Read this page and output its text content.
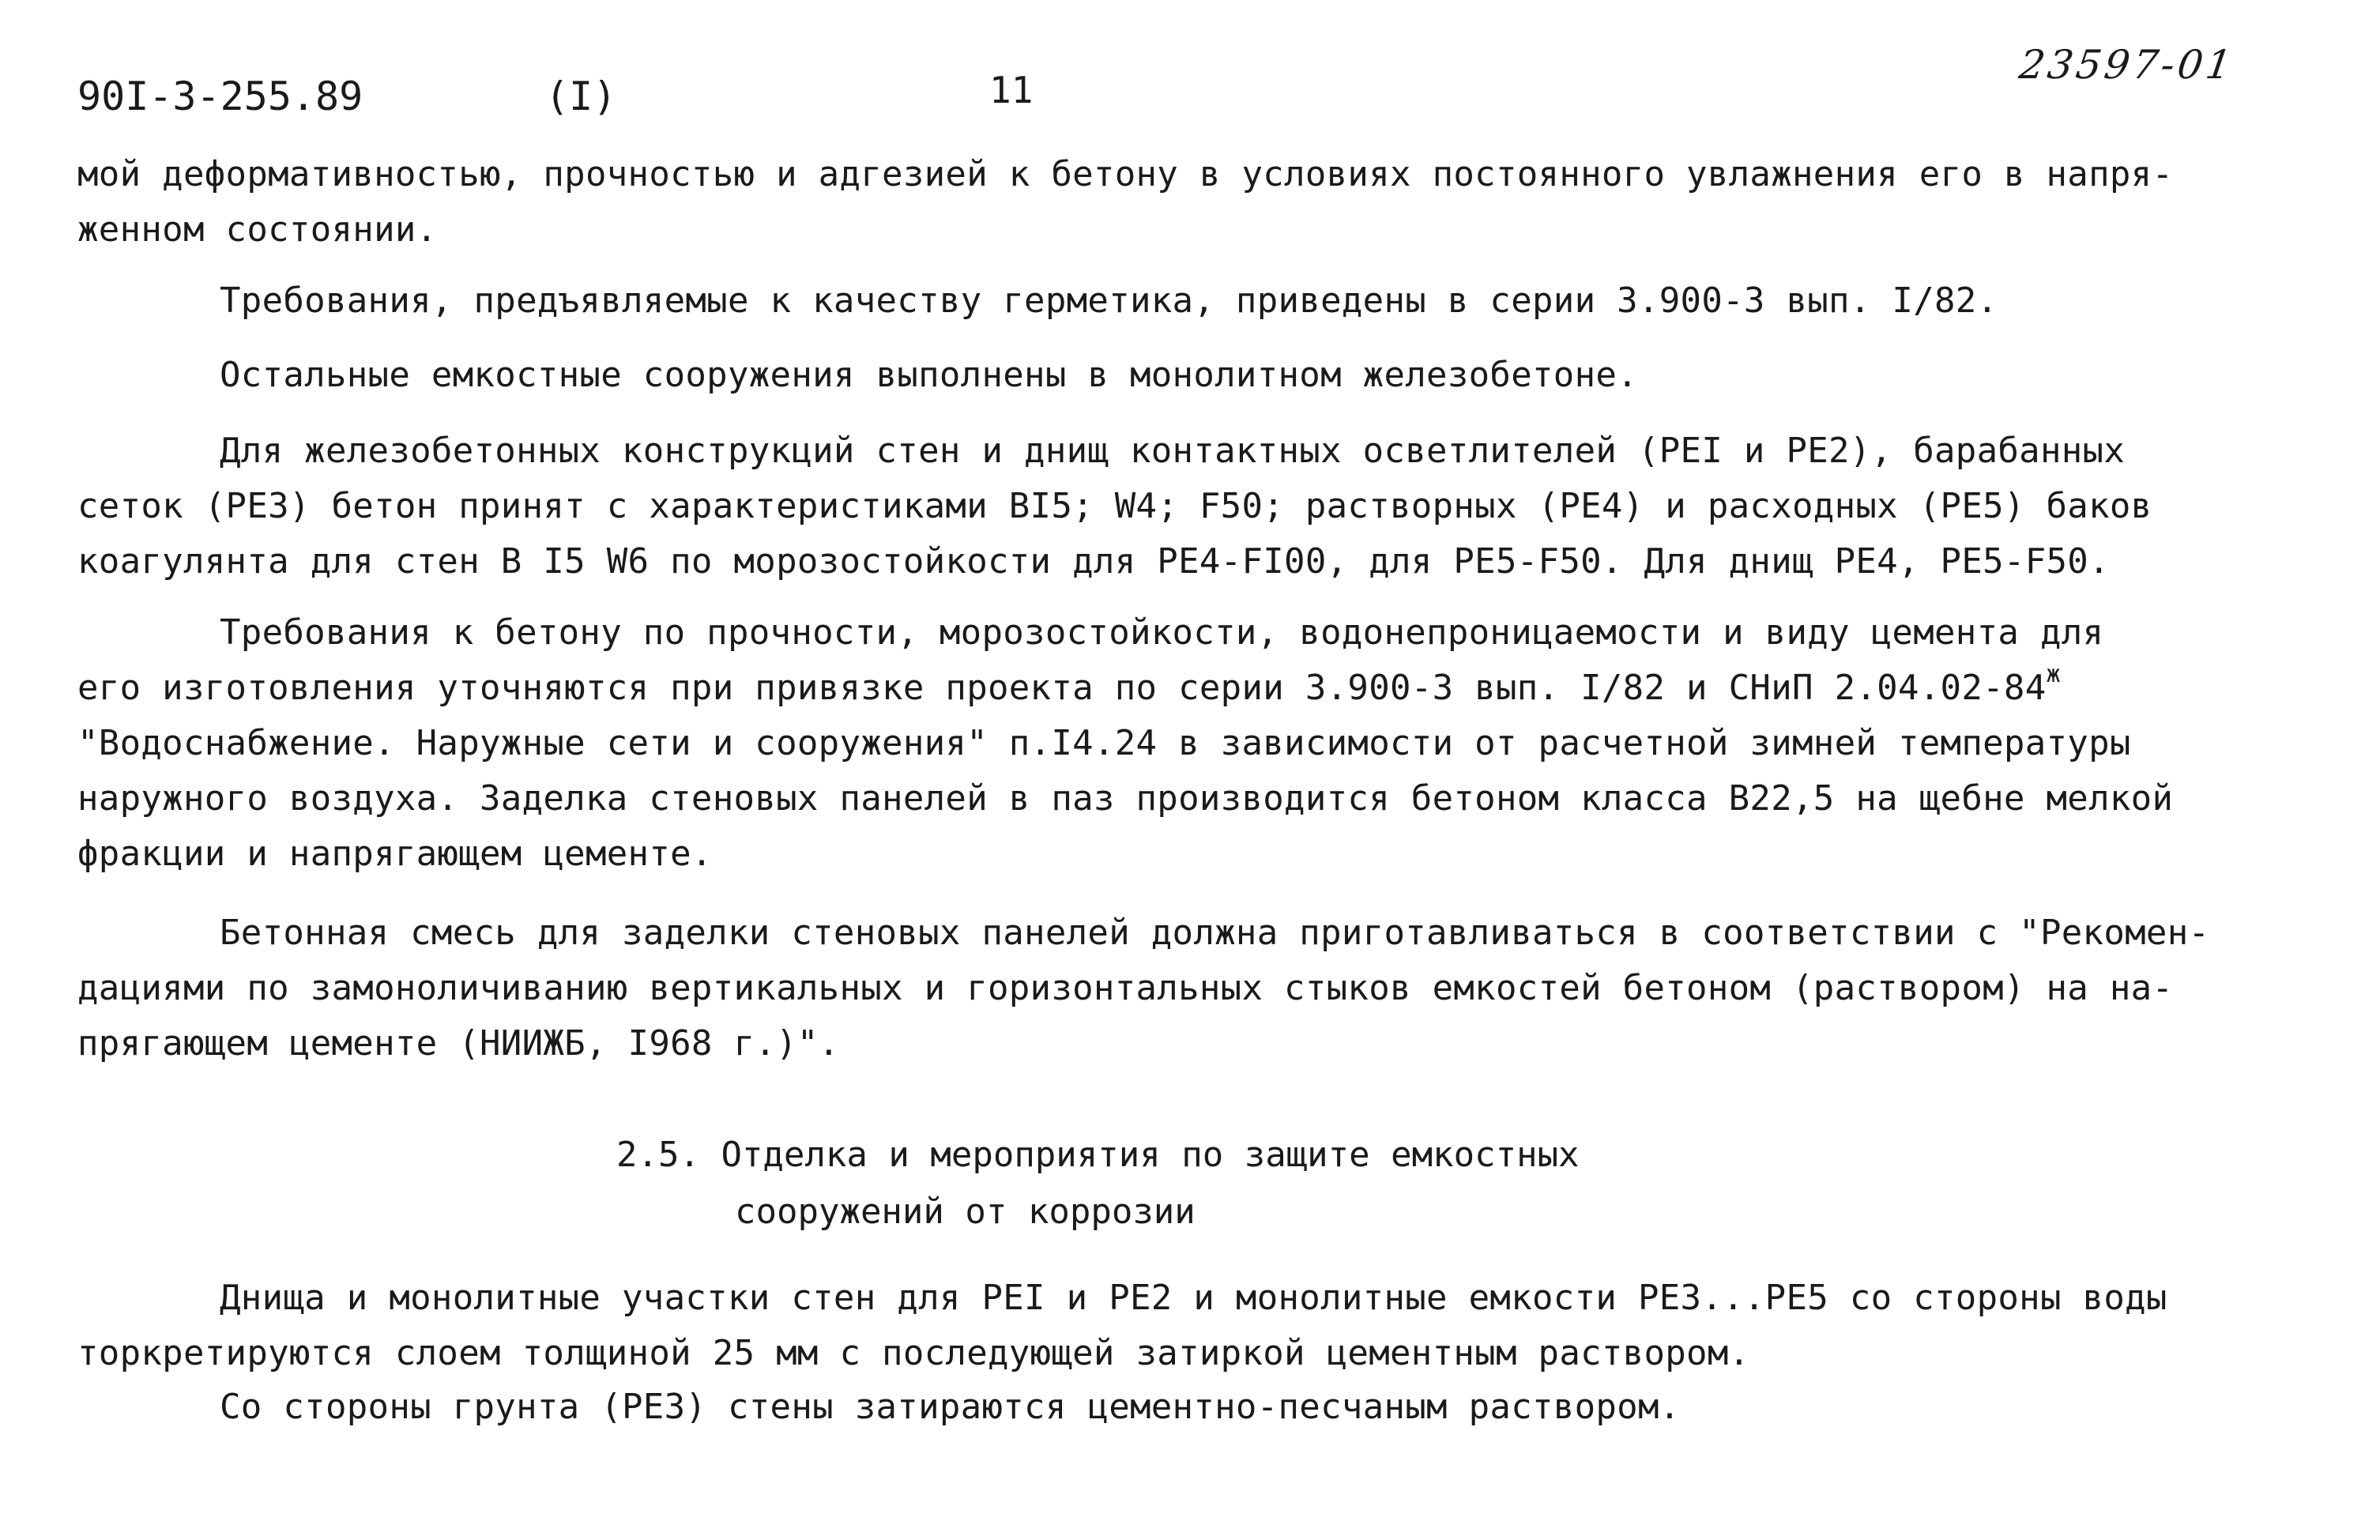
90I-3-255.89	(I)	11
23597-01
мой деформативностью, прочностью и адгезией к бетону в условиях постоянного увлажнения его в напря-
женном состоянии.
Требования, предъявляемые к качеству герметика, приведены в серии 3.900-3 вып. I/82.
Остальные емкостные сооружения выполнены в монолитном железобетоне.
Для железобетонных конструкций стен и днищ контактных осветлителей (PEI и PE2), барабанных
сеток (PE3) бетон принят с характеристиками BI5; W4; F50; растворных (PE4) и расходных (PE5) баков
коагулянта для стен В I5 W6 по морозостойкости для PE4-FI00, для PE5-F50. Для днищ PE4, PE5-F50.
Требования к бетону по прочности, морозостойкости, водонепроницаемости и виду цемента для
его изготовления уточняются при привязке проекта по серии 3.900-3 вып. I/82 и СНиП $2.04.02-84^ж$
"Водоснабжение. Наружные сети и сооружения" п.I4.24 в зависимости от расчетной зимней температуры
наружного воздуха. Заделка стеновых панелей в паз производится бетоном класса B22,5 на щебне мелкой
фракции и напрягающем цементе.
Бетонная смесь для заделки стеновых панелей должна приготавливаться в соответствии с "Рекомен-
дациями по замоноличиванию вертикальных и горизонтальных стыков емкостей бетоном (раствором) на на-
прягающем цементе (НИИЖБ, I968 г.)".
2.5. Отделка и мероприятия по защите емкостных
сооружений от коррозии
Днища и монолитные участки стен для PEI и PE2 и монолитные емкости PE3...PE5 со стороны воды
торкретируются слоем толщиной 25 мм с последующей затиркой цементным раствором.
Со стороны грунта (PE3) стены затираются цементно-песчаным раствором.
